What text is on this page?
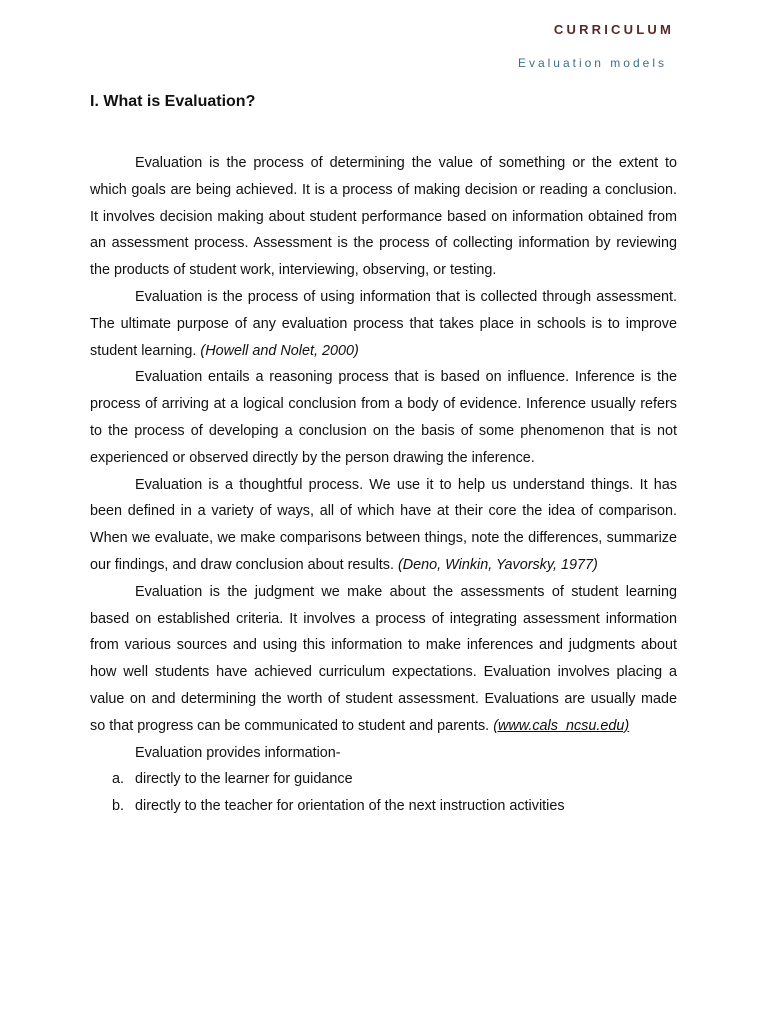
CURRICULUM
Evaluation models
I. What is Evaluation?

Evaluation is the process of determining the value of something or the extent to which goals are being achieved. It is a process of making decision or reading a conclusion. It involves decision making about student performance based on information obtained from an assessment process. Assessment is the process of collecting information by reviewing the products of student work, interviewing, observing, or testing.

Evaluation is the process of using information that is collected through assessment. The ultimate purpose of any evaluation process that takes place in schools is to improve student learning. (Howell and Nolet, 2000)

Evaluation entails a reasoning process that is based on influence. Inference is the process of arriving at a logical conclusion from a body of evidence. Inference usually refers to the process of developing a conclusion on the basis of some phenomenon that is not experienced or observed directly by the person drawing the inference.

Evaluation is a thoughtful process. We use it to help us understand things. It has been defined in a variety of ways, all of which have at their core the idea of comparison. When we evaluate, we make comparisons between things, note the differences, summarize our findings, and draw conclusion about results. (Deno, Winkin, Yavorsky, 1977)

Evaluation is the judgment we make about the assessments of student learning based on established criteria. It involves a process of integrating assessment information from various sources and using this information to make inferences and judgments about how well students have achieved curriculum expectations. Evaluation involves placing a value on and determining the worth of student assessment. Evaluations are usually made so that progress can be communicated to student and parents. (www.cals_ncsu.edu)

Evaluation provides information-

a. directly to the learner for guidance
b. directly to the teacher for orientation of the next instruction activities
